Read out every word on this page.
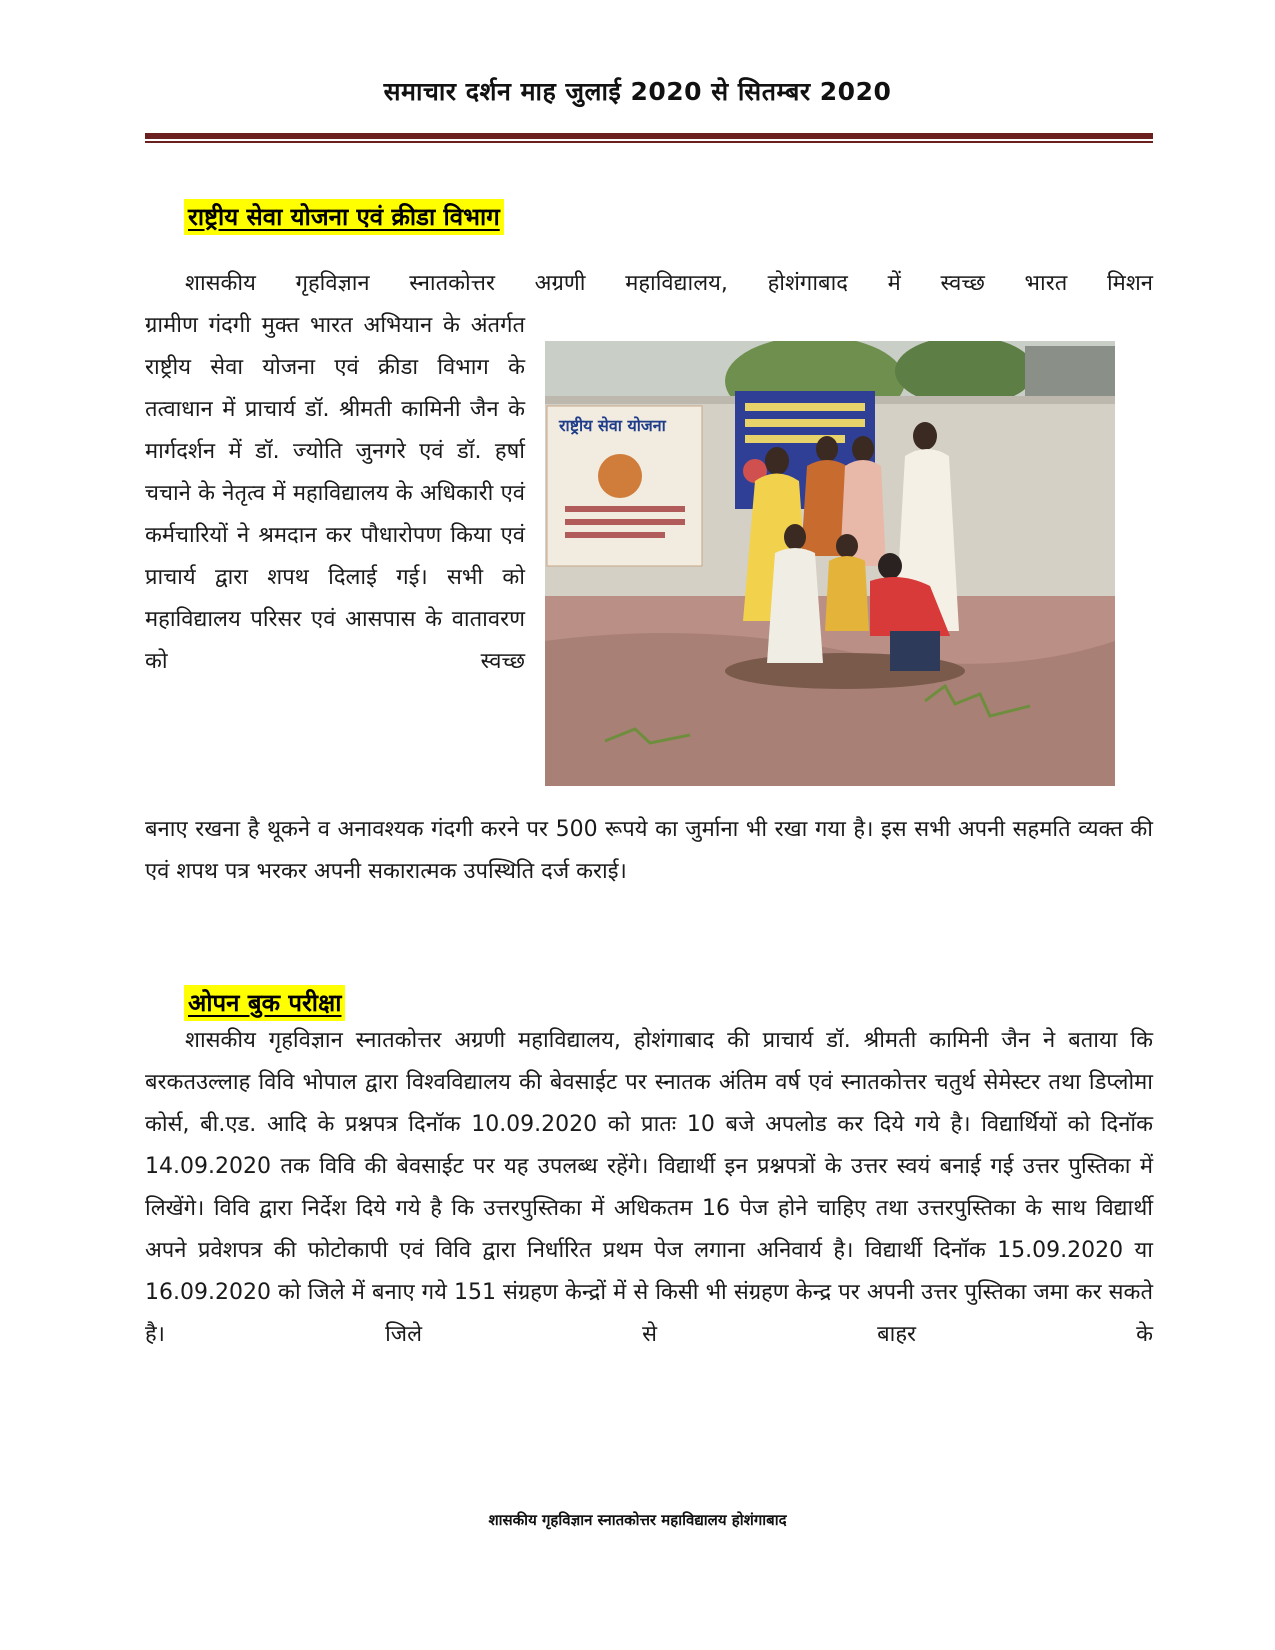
समाचार दर्शन माह जुलाई 2020 से सितम्बर 2020
राष्ट्रीय सेवा योजना एवं क्रीडा विभाग

शासकीय गृहविज्ञान स्नातकोत्तर अग्रणी महाविद्यालय, होशंगाबाद में स्वच्छ भारत मिशन

ग्रामीण गंदगी मुक्त भारत अभियान के अंतर्गत राष्ट्रीय सेवा योजना एवं क्रीडा विभाग के तत्वाधान में प्राचार्य डॉ. श्रीमती कामिनी जैन के मार्गदर्शन में डॉ. ज्योति जुनगरे एवं डॉ. हर्षा चचाने के नेतृत्व में महाविद्यालय के अधिकारी एवं कर्मचारियों ने श्रमदान कर पौधारोपण किया एवं प्राचार्य द्वारा शपथ दिलाई गई। सभी को महाविद्यालय परिसर एवं आसपास के वातावरण को स्वच्छ

राष्ट्रीय सेवा योजना

बनाए रखना है थूकने व अनावश्यक गंदगी करने पर 500 रूपये का जुर्माना भी रखा गया है। इस सभी अपनी सहमति व्यक्त की एवं शपथ पत्र भरकर अपनी सकारात्मक उपस्थिति दर्ज कराई।

ओपन बुक परीक्षा

शासकीय गृहविज्ञान स्नातकोत्तर अग्रणी महाविद्यालय, होशंगाबाद की प्राचार्य डॉ. श्रीमती कामिनी जैन ने बताया कि बरकतउल्लाह विवि भोपाल द्वारा विश्वविद्यालय की बेवसाईट पर स्नातक अंतिम वर्ष एवं स्नातकोत्तर चतुर्थ सेमेस्टर तथा डिप्लोमा कोर्स, बी.एड. आदि के प्रश्नपत्र दिनॉक 10.09.2020 को प्रातः 10 बजे अपलोड कर दिये गये है। विद्यार्थियों को दिनॉक 14.09.2020 तक विवि की बेवसाईट पर यह उपलब्ध रहेंगे। विद्यार्थी इन प्रश्नपत्रों के उत्तर स्वयं बनाई गई उत्तर पुस्तिका में लिखेंगे। विवि द्वारा निर्देश दिये गये है कि उत्तरपुस्तिका में अधिकतम 16 पेज होने चाहिए तथा उत्तरपुस्तिका के साथ विद्यार्थी अपने प्रवेशपत्र की फोटोकापी एवं विवि द्वारा निर्धारित प्रथम पेज लगाना अनिवार्य है। विद्यार्थी दिनॉक 15.09.2020 या 16.09.2020 को जिले में बनाए गये 151 संग्रहण केन्द्रों में से किसी भी संग्रहण केन्द्र पर अपनी उत्तर पुस्तिका जमा कर सकते है। जिले से बाहर के

शासकीय गृहविज्ञान स्नातकोत्तर महाविद्यालय होशंगाबाद
